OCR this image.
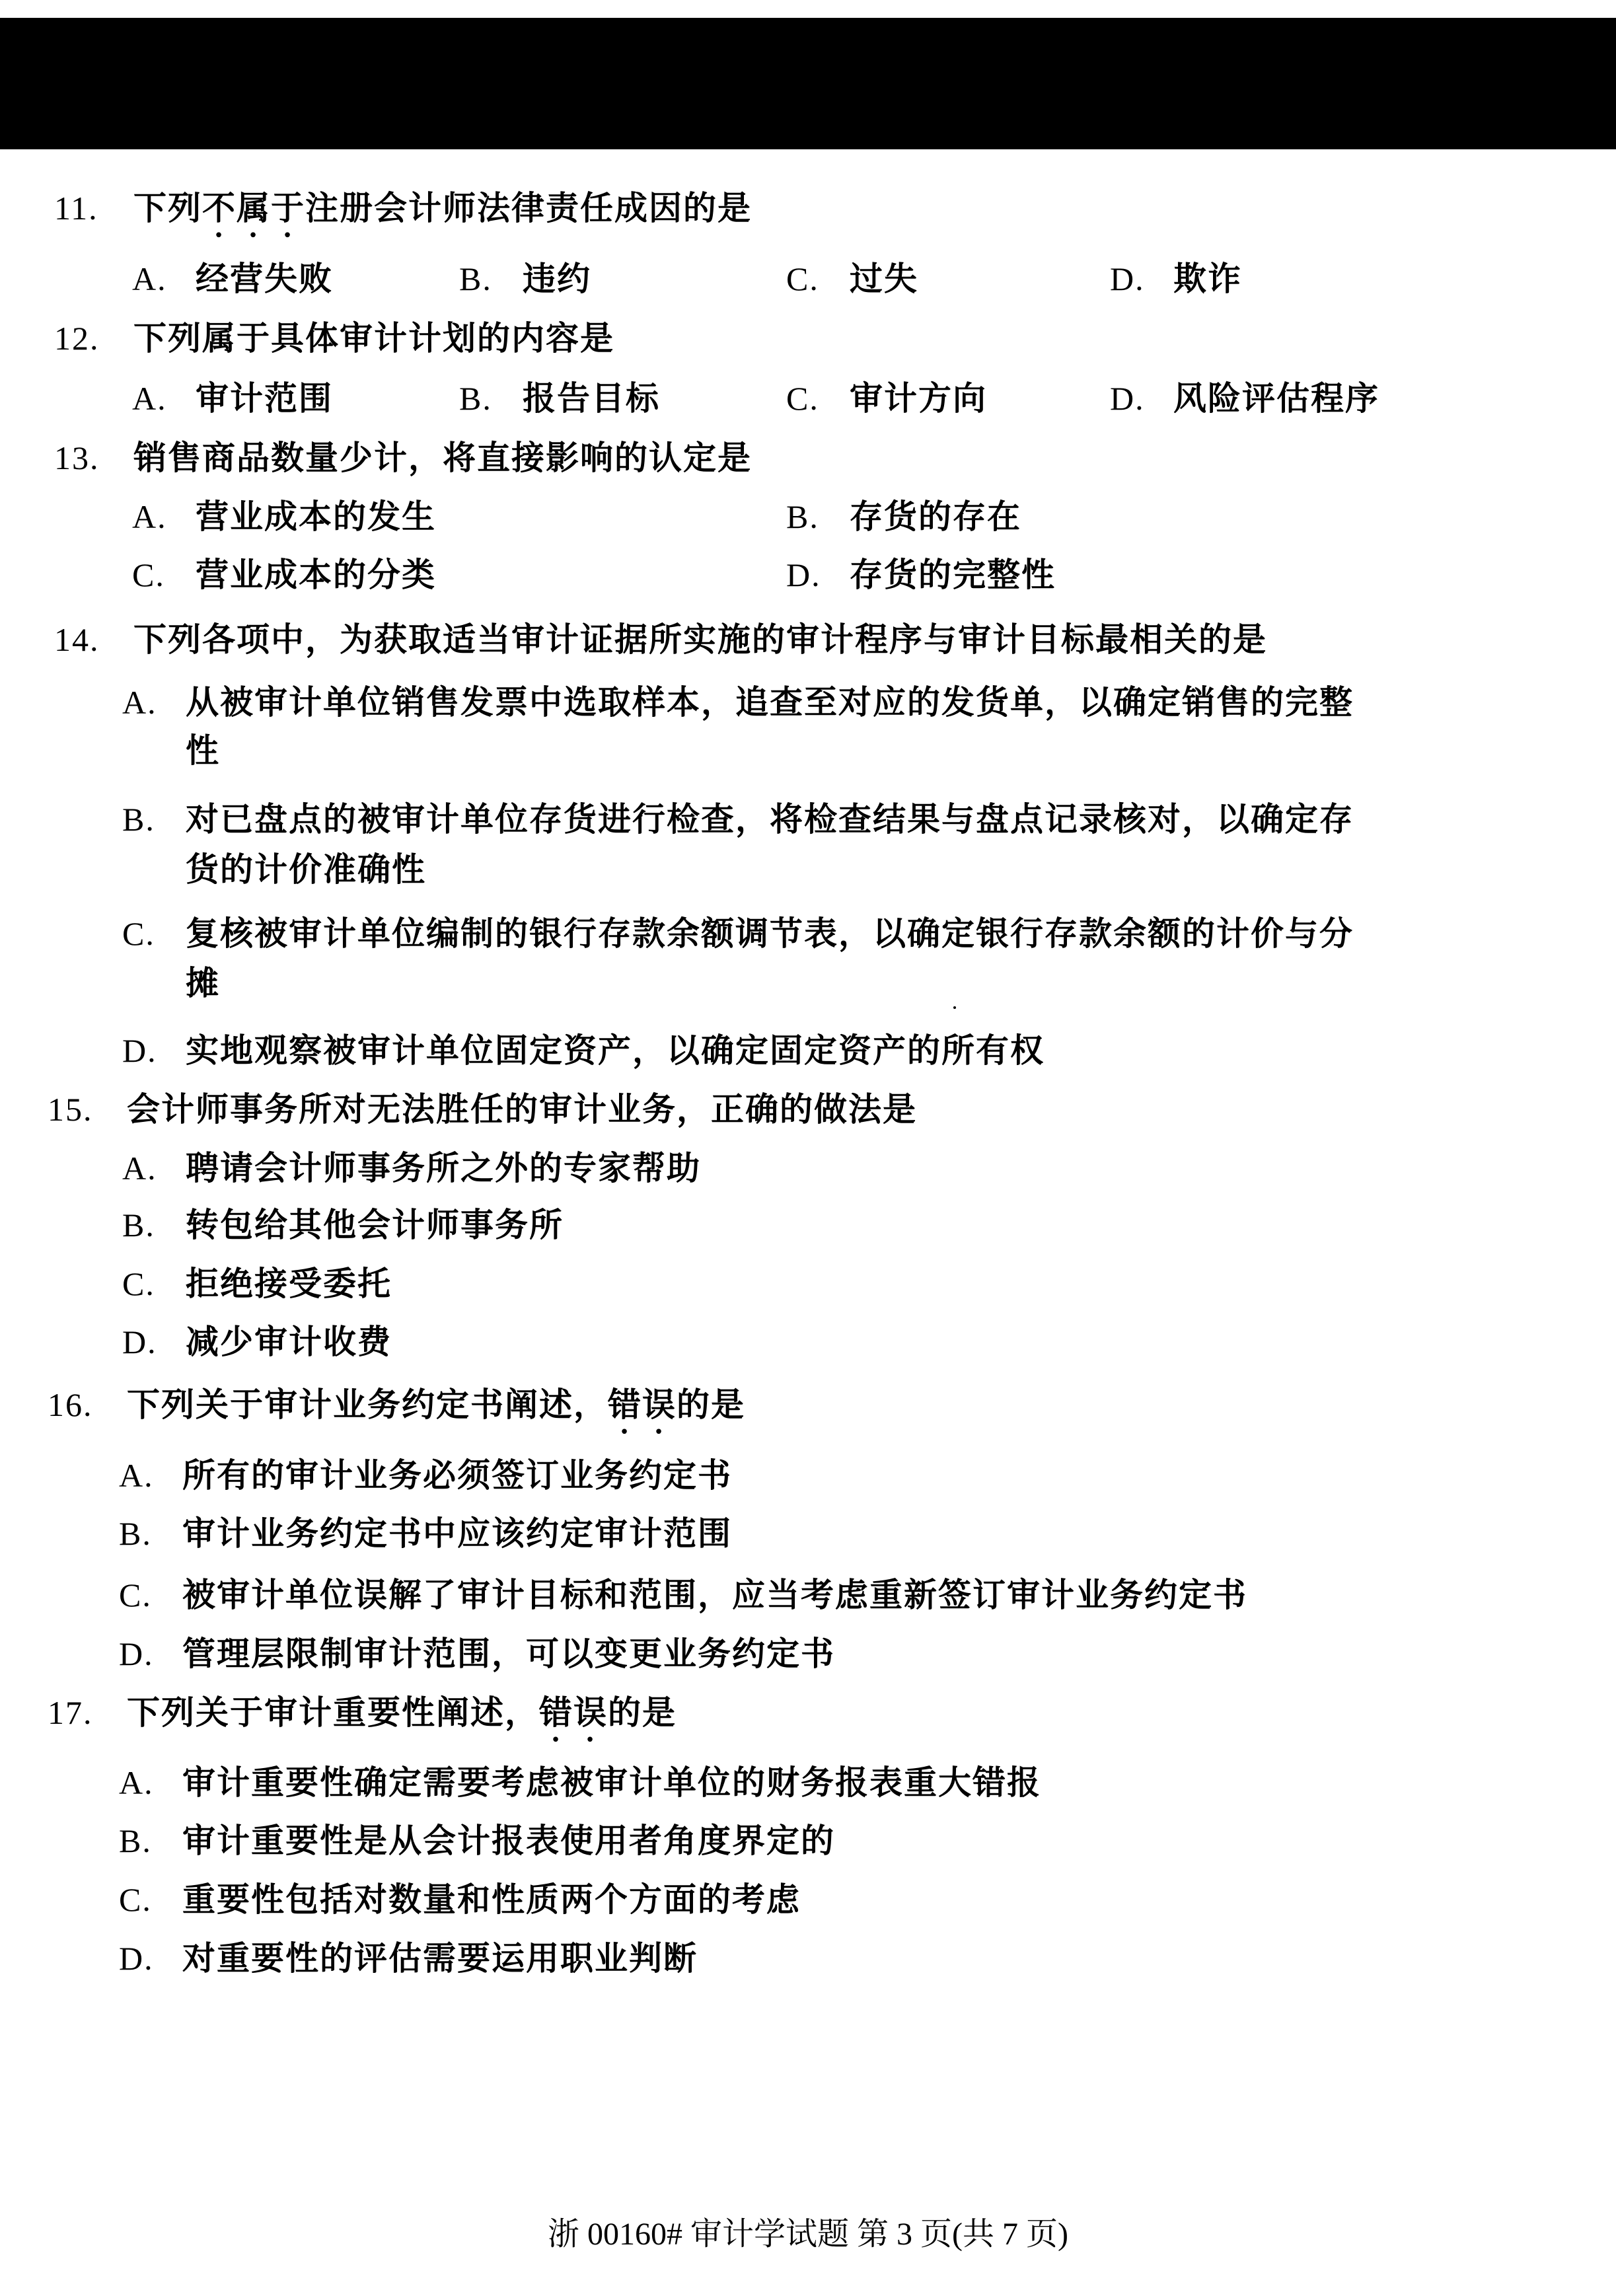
11. 下列不属于注册会计师法律责任成因的是
A. 经营失败	B. 违约	C. 过失	D. 欺诈
12. 下列属于具体审计计划的内容是
A. 审计范围	B. 报告目标	C. 审计方向	D. 风险评估程序
13. 销售商品数量少计，将直接影响的认定是
A. 营业成本的发生	B. 存货的存在
C. 营业成本的分类	D. 存货的完整性
14. 下列各项中，为获取适当审计证据所实施的审计程序与审计目标最相关的是
A. 从被审计单位销售发票中选取样本，追查至对应的发货单，以确定销售的完整
性
B. 对已盘点的被审计单位存货进行检查，将检查结果与盘点记录核对，以确定存
货的计价准确性
C. 复核被审计单位编制的银行存款余额调节表，以确定银行存款余额的计价与分
摊
D. 实地观察被审计单位固定资产，以确定固定资产的所有权
15. 会计师事务所对无法胜任的审计业务，正确的做法是
A. 聘请会计师事务所之外的专家帮助
B. 转包给其他会计师事务所
C. 拒绝接受委托
D. 减少审计收费
16. 下列关于审计业务约定书阐述，错误的是
A. 所有的审计业务必须签订业务约定书
B. 审计业务约定书中应该约定审计范围
C. 被审计单位误解了审计目标和范围，应当考虑重新签订审计业务约定书
D. 管理层限制审计范围，可以变更业务约定书
17. 下列关于审计重要性阐述，错误的是
A. 审计重要性确定需要考虑被审计单位的财务报表重大错报
B. 审计重要性是从会计报表使用者角度界定的
C. 重要性包括对数量和性质两个方面的考虑
D. 对重要性的评估需要运用职业判断
浙 00160# 审计学试题 第 3 页(共 7 页)
